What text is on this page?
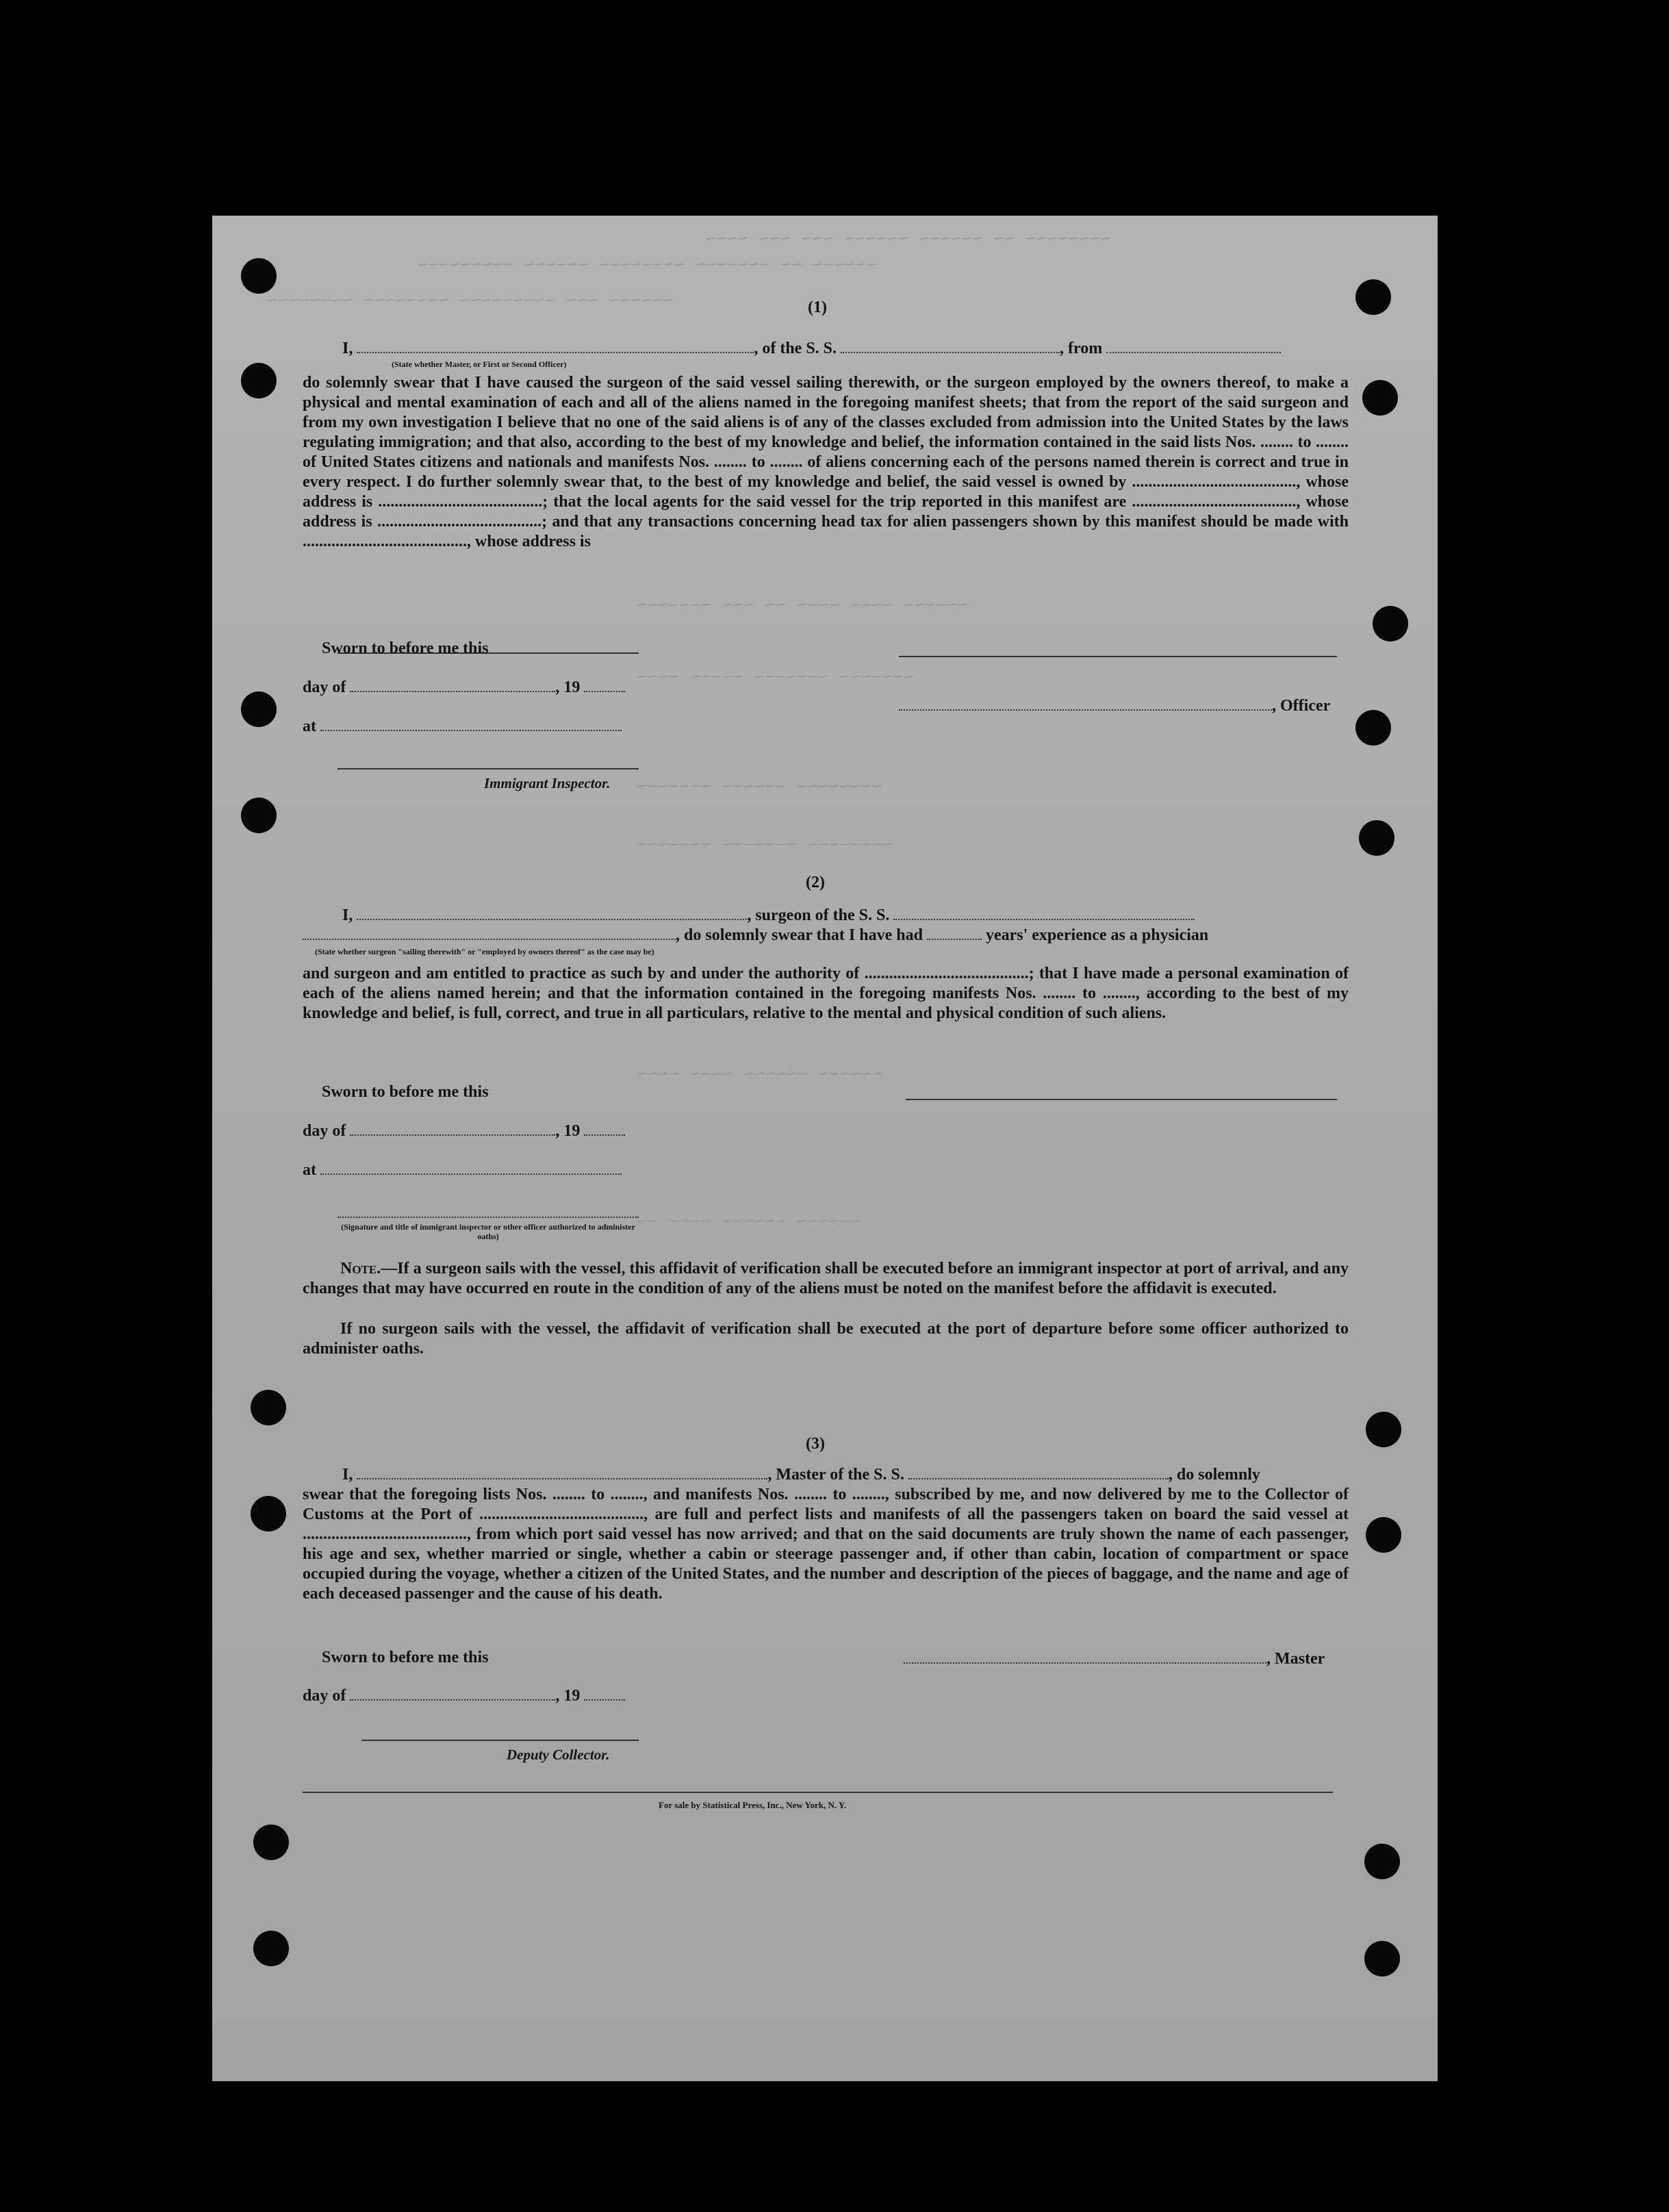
~~~~~~~~ ~~ ~~~~~~ ~~~~~~ ~~~ ~~~ ~~~~
~~~~~~ ~~ ~~~~~~~ ~~~~~~~~ ~~~~~~ ~~~~~~~~~
~~~~~~ ~~~ ~~~~~~~~~ ~~~~~~~~ ~~~~~~~~
~~~~~~ ~~~~ ~~~~ ~~ ~~~ ~~~~~~~
~~~~~~~ ~~~~~~~ ~~~~~ ~~~~
~~~~~~~~ ~~~~~~ ~~~~~~~
~~~~~~~~ ~~~~~~~ ~~~~~~~
~~~~~~ ~~~~~~ ~~~~ ~~~~
~~~~~~ ~~~~~~ ~~~~ ~~
(1)
I,	, of the S. S.	, from
(State whether Master, or First or Second Officer)

do solemnly swear that I have caused the surgeon of the said vessel sailing therewith, or the surgeon employed by the owners thereof, to make a physical and mental examination of each and all of the aliens named in the foregoing manifest sheets; that from the report of the said surgeon and from my own investigation I believe that no one of the said aliens is of any of the classes excluded from admission into the United States by the laws regulating immigration; and that also, according to the best of my knowledge and belief, the information contained in the said lists Nos. ........ to ........ of United States citizens and nationals and manifests Nos. ........ to ........ of aliens concerning each of the persons named therein is correct and true in every respect. I do further solemnly swear that, to the best of my knowledge and belief, the said vessel is owned by ........................................, whose address is ........................................; that the local agents for the said vessel for the trip reported in this manifest are ........................................, whose address is ........................................; and that any transactions concerning head tax for alien passengers shown by this manifest should be made with ........................................, whose address is

Sworn to before me this
day of	, 19
at
Immigrant Inspector.
, Officer
(2)
I,	, surgeon of the S. S.
, do solemnly swear that I have had	years' experience as a physician
(State whether surgeon "sailing therewith" or "employed by owners thereof" as the case may be)

and surgeon and am entitled to practice as such by and under the authority of ........................................; that I have made a personal examination of each of the aliens named herein; and that the information contained in the foregoing manifests Nos. ........ to ........, according to the best of my knowledge and belief, is full, correct, and true in all particulars, relative to the mental and physical condition of such aliens.

Sworn to before me this
day of	, 19
at
(Signature and title of immigrant inspector or other officer authorized to administer oaths)

Note.—If a surgeon sails with the vessel, this affidavit of verification shall be executed before an immigrant inspector at port of arrival, and any changes that may have occurred en route in the condition of any of the aliens must be noted on the manifest before the affidavit is executed.

If no surgeon sails with the vessel, the affidavit of verification shall be executed at the port of departure before some officer authorized to administer oaths.

(3)
I,	, Master of the S. S.	, do solemnly

swear that the foregoing lists Nos. ........ to ........, and manifests Nos. ........ to ........, subscribed by me, and now delivered by me to the Collector of Customs at the Port of ........................................, are full and perfect lists and manifests of all the passengers taken on board the said vessel at ........................................, from which port said vessel has now arrived; and that on the said documents are truly shown the name of each passenger, his age and sex, whether married or single, whether a cabin or steerage passenger and, if other than cabin, location of compartment or space occupied during the voyage, whether a citizen of the United States, and the number and description of the pieces of baggage, and the name and age of each deceased passenger and the cause of his death.

Sworn to before me this	, Master
day of	, 19
Deputy Collector.
For sale by Statistical Press, Inc., New York, N. Y.
